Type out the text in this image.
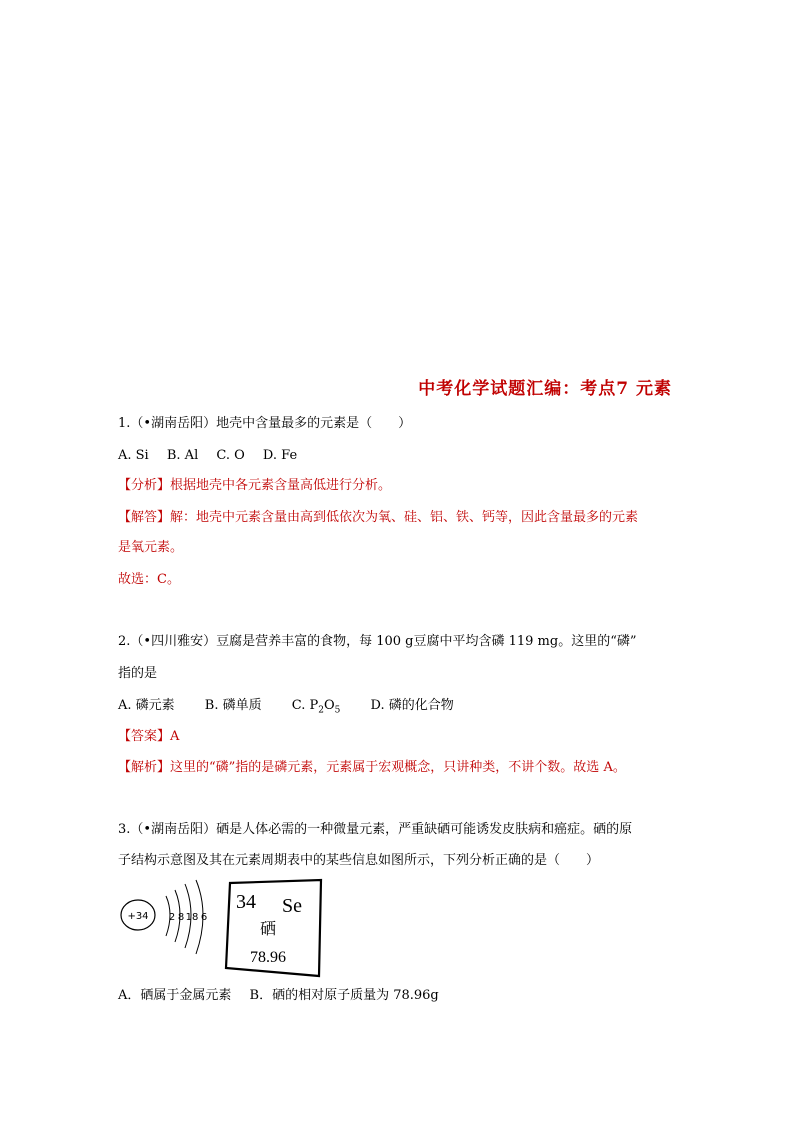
中考化学试题汇编：考点7 元素
1.（•湖南岳阳）地壳中含量最多的元素是（　　）
A. Si B. Al C. O D. Fe
【分析】根据地壳中各元素含量高低进行分析。
【解答】解：地壳中元素含量由高到低依次为氧、硅、铝、铁、钙等，因此含量最多的元素
是氧元素。
故选：C。
2.（•四川雅安）豆腐是营养丰富的食物，每 100 g豆腐中平均含磷 119 mg。这里的“磷”
指的是
A. 磷元素 B. 磷单质 C. $P_2O_5$ D. 磷的化合物
【答案】A
【解析】这里的“磷”指的是磷元素，元素属于宏观概念，只讲种类，不讲个数。故选 A。
3.（•湖南岳阳）硒是人体必需的一种微量元素，严重缺硒可能诱发皮肤病和癌症。硒的原
子结构示意图及其在元素周期表中的某些信息如图所示，下列分析正确的是（　　）
+34 2 8 18 6
34 Se
硒
78.96
A．硒属于金属元素 B．硒的相对原子质量为 78.96g
